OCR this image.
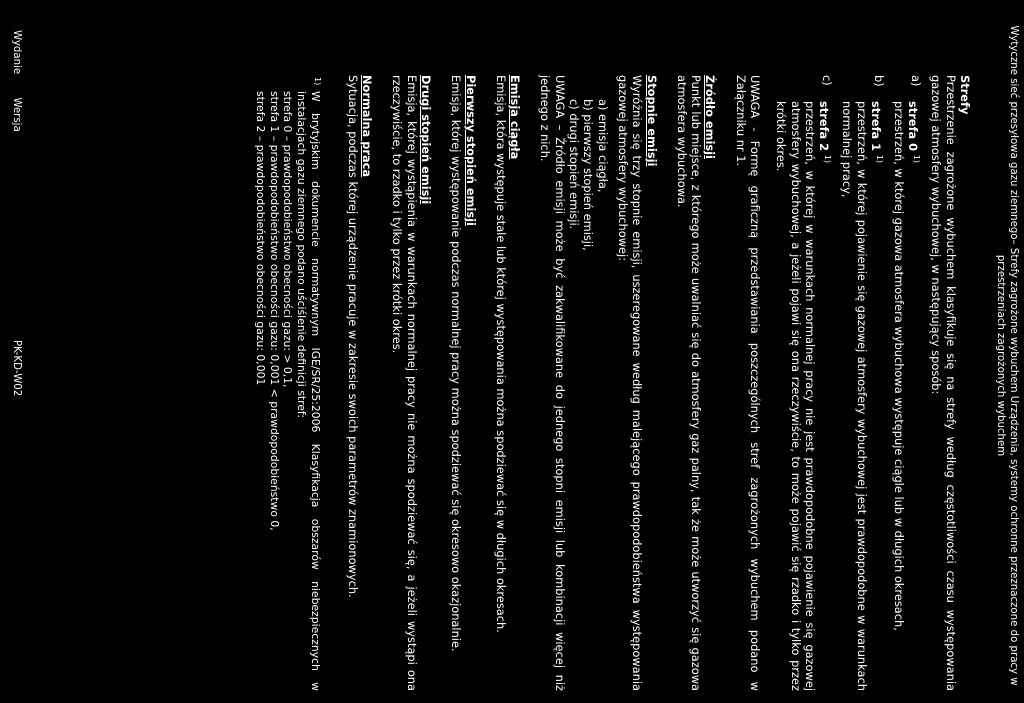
Wytyczne sieć przesyłowa gazu ziemnego– Strefy zagrożone wybuchem Urządzenia, systemy ochronne przeznaczone do pracy w przestrzeniach zagrożonych wybuchem
Strefy

Przestrzenie zagrożone wybuchem klasyfikuje się na strefy według częstotliwości czasu występowania gazowej atmosfery wybuchowej, w następujący sposób:

a)
strefa 0 $^{1)}$

przestrzeń, w której gazowa atmosfera wybuchowa występuje ciągle lub w długich okresach,

b)
strefa 1 $^{1)}$

przestrzeń, w której pojawienie się gazowej atmosfery wybuchowej jest prawdopodobne w warunkach normalnej pracy,

c)
strefa 2 $^{1)}$

przestrzeń, w której w warunkach normalnej pracy nie jest prawdopodobne pojawienie się gazowej atmosfery wybuchowej, a jeżeli pojawi się ona rzeczywiście, to może pojawić się rzadko i tylko przez krótki okres.

UWAGA - Formę graficzną przedstawiania poszczególnych stref zagrożonych wybuchem podano w Załączniku nr 1.

Źródło emisji

Punkt lub miejsce, z którego może uwalniać się do atmosfery gaz palny, tak że może utworzyć się gazowa atmosfera wybuchowa.

Stopnie emisji

Wyróżnia się trzy stopnie emisji, uszeregowane według malejącego prawdopodobieństwa występowania gazowej atmosfery wybuchowej:

a) emisja ciągła,
b) pierwszy stopień emisji,
c) drugi stopień emisji.

UWAGA – Źródło emisji może być zakwalifikowane do jednego stopni emisji lub kombinacji więcej niż jednego z nich.

Emisja ciągła

Emisja, która występuje stale lub której występowania można spodziewać się w długich okresach.

Pierwszy stopień emisji

Emisja, której występowanie podczas normalnej pracy można spodziewać się okresowo okazjonalnie.

Drugi stopień emisji

Emisja, której wystąpienia w warunkach normalnej pracy nie można spodziewać się, a jeżeli wystąpi ona rzeczywiście, to rzadko i tylko przez krótki okres.

Normalna praca

Sytuacja, podczas której urządzenie pracuje w zakresie swoich parametrów znamionowych.

1)

W brytyjskim dokumencie normatywnym IGE/SR/25:2006 Klasyfikacja obszarów niebezpiecznych w instalacjach gazu ziemnego podano uściślenie definicji stref:

strefa 0 – prawdopodobieństwo obecności gazu: > 0,1,
strefa 1 – prawdopodobieństwo obecności gazu: 0,001 < prawdopodobieństwo 0,
strefa 2 – prawdopodobieństwo obecności gazu: 0,001
Wydanie Wersja
PK-KD-W02
